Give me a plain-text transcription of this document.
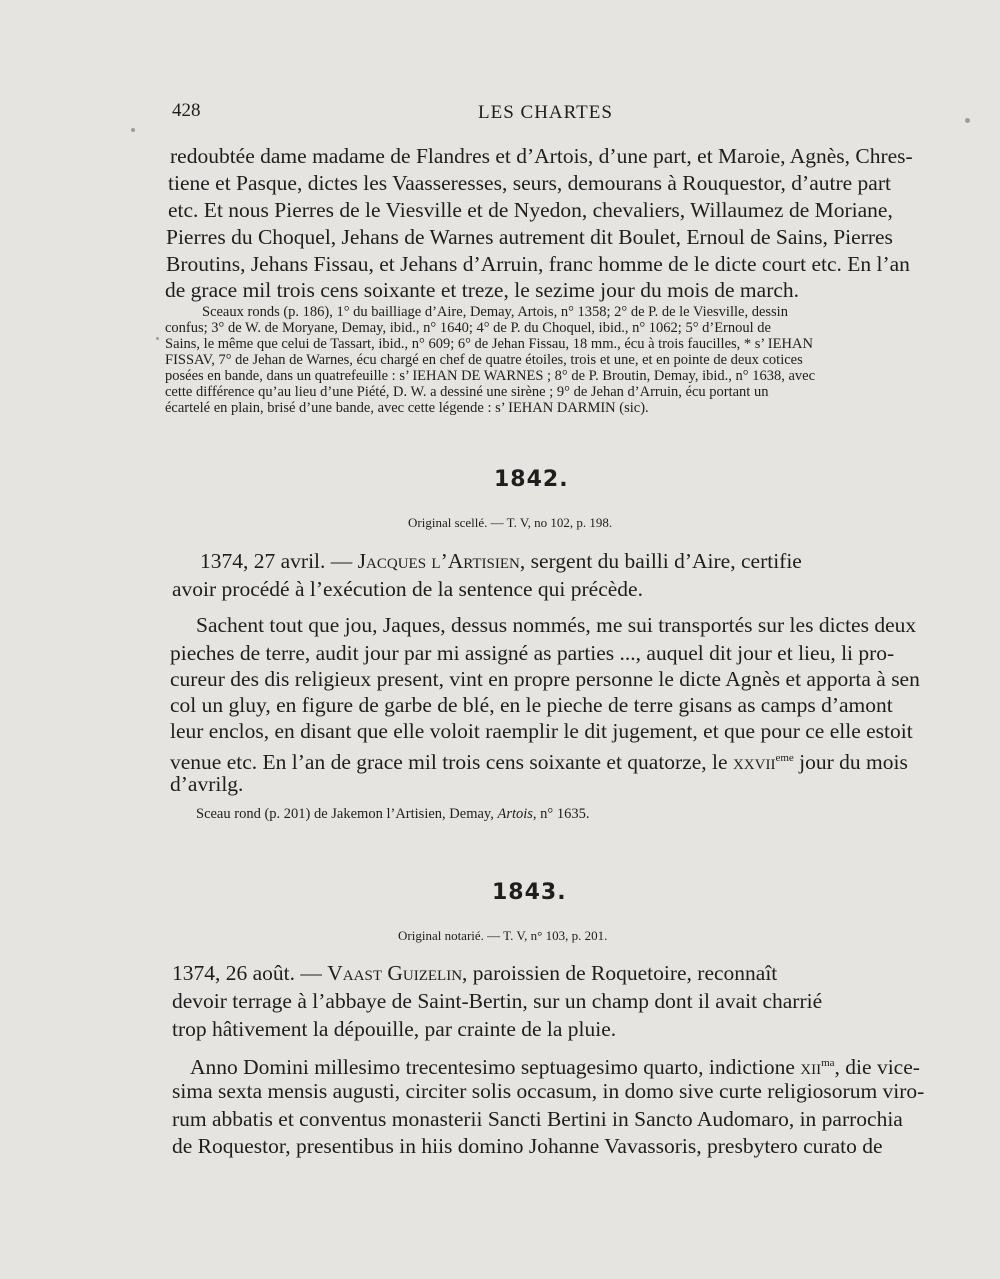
428	LES CHARTES
redoubtée dame madame de Flandres et d’Artois, d’une part, et Maroie, Agnès, Chres-
tiene et Pasque, dictes les Vaasseresses, seurs, demourans à Rouquestor, d’autre part
etc. Et nous Pierres de le Viesville et de Nyedon, chevaliers, Willaumez de Moriane,
Pierres du Choquel, Jehans de Warnes autrement dit Boulet, Ernoul de Sains, Pierres
Broutins, Jehans Fissau, et Jehans d’Arruin, franc homme de le dicte court etc. En l’an
de grace mil trois cens soixante et treze, le sezime jour du mois de march.
Sceaux ronds (p. 186), 1° du bailliage d’Aire, Demay, Artois, n° 1358; 2° de P. de le Viesville, dessin
confus; 3° de W. de Moryane, Demay, ibid., n° 1640; 4° de P. du Choquel, ibid., n° 1062; 5° d’Ernoul de
Sains, le même que celui de Tassart, ibid., n° 609; 6° de Jehan Fissau, 18 mm., écu à trois faucilles, * s’ IEHAN
FISSAV, 7° de Jehan de Warnes, écu chargé en chef de quatre étoiles, trois et une, et en pointe de deux cotices
posées en bande, dans un quatrefeuille : s’ IEHAN DE WARNES ; 8° de P. Broutin, Demay, ibid., n° 1638, avec
cette différence qu’au lieu d’une Piété, D. W. a dessiné une sirène ; 9° de Jehan d’Arruin, écu portant un
écartelé en plain, brisé d’une bande, avec cette légende : s’ IEHAN DARMIN (sic).
1842.
Original scellé. — T. V, no 102, p. 198.
1374, 27 avril. — Jacques l’Artisien, sergent du bailli d’Aire, certifie
avoir procédé à l’exécution de la sentence qui précède.
Sachent tout que jou, Jaques, dessus nommés, me sui transportés sur les dictes deux
pieches de terre, audit jour par mi assigné as parties ..., auquel dit jour et lieu, li pro-
cureur des dis religieux present, vint en propre personne le dicte Agnès et apporta à sen
col un gluy, en figure de garbe de blé, en le pieche de terre gisans as camps d’amont
leur enclos, en disant que elle voloit raemplir le dit jugement, et que pour ce elle estoit
venue etc. En l’an de grace mil trois cens soixante et quatorze, le xxvii$^{eme}$ jour du mois
d’avrilg.
Sceau rond (p. 201) de Jakemon l’Artisien, Demay, Artois, n° 1635.
1843.
Original notarié. — T. V, n° 103, p. 201.
1374, 26 août. — Vaast Guizelin, paroissien de Roquetoire, reconnaît
devoir terrage à l’abbaye de Saint-Bertin, sur un champ dont il avait charrié
trop hâtivement la dépouille, par crainte de la pluie.
Anno Domini millesimo trecentesimo septuagesimo quarto, indictione xii$^{ma}$, die vice-
sima sexta mensis augusti, circiter solis occasum, in domo sive curte religiosorum viro-
rum abbatis et conventus monasterii Sancti Bertini in Sancto Audomaro, in parrochia
de Roquestor, presentibus in hiis domino Johanne Vavassoris, presbytero curato de
